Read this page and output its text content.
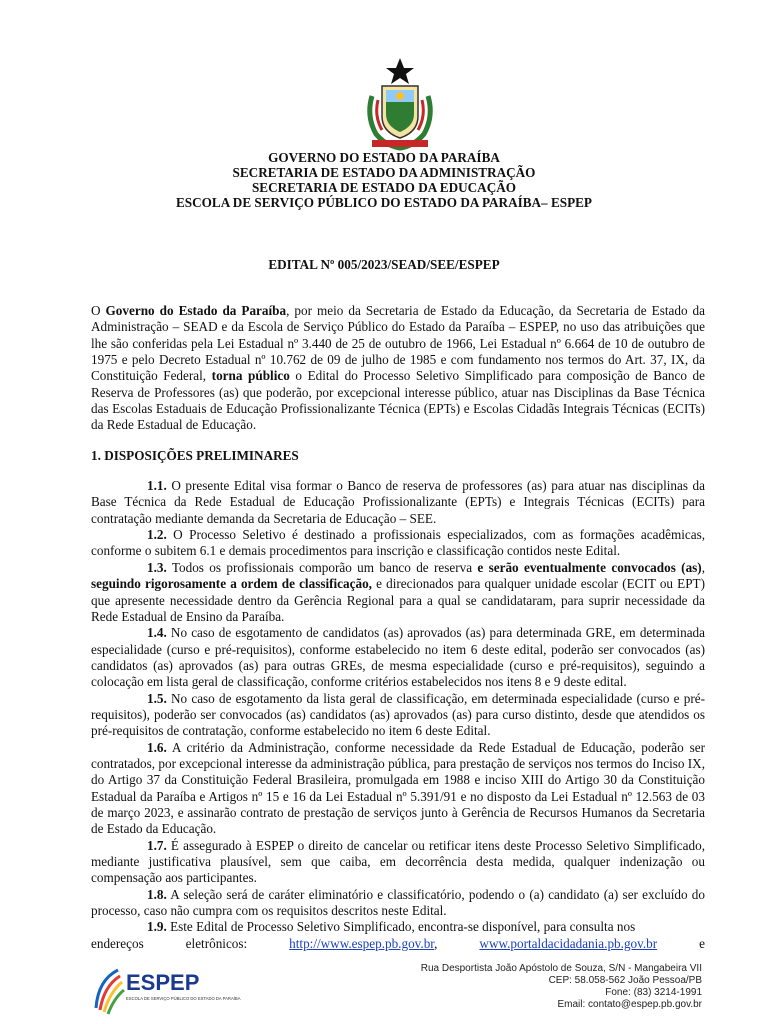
GOVERNO DO ESTADO DA PARAÍBA
SECRETARIA DE ESTADO DA ADMINISTRAÇÃO
SECRETARIA DE ESTADO DA EDUCAÇÃO
ESCOLA DE SERVIÇO PÚBLICO DO ESTADO DA PARAÍBA– ESPEP
EDITAL Nº 005/2023/SEAD/SEE/ESPEP

O Governo do Estado da Paraíba, por meio da Secretaria de Estado da Educação, da Secretaria de Estado da Administração – SEAD e da Escola de Serviço Público do Estado da Paraíba – ESPEP, no uso das atribuições que lhe são conferidas pela Lei Estadual nº 3.440 de 25 de outubro de 1966, Lei Estadual nº 6.664 de 10 de outubro de 1975 e pelo Decreto Estadual nº 10.762 de 09 de julho de 1985 e com fundamento nos termos do Art. 37, IX, da Constituição Federal, torna público o Edital do Processo Seletivo Simplificado para composição de Banco de Reserva de Professores (as) que poderão, por excepcional interesse público, atuar nas Disciplinas da Base Técnica das Escolas Estaduais de Educação Profissionalizante Técnica (EPTs) e Escolas Cidadãs Integrais Técnicas (ECITs) da Rede Estadual de Educação.

1. DISPOSIÇÕES PRELIMINARES

1.1. O presente Edital visa formar o Banco de reserva de professores (as) para atuar nas disciplinas da Base Técnica da Rede Estadual de Educação Profissionalizante (EPTs) e Integrais Técnicas (ECITs) para contratação mediante demanda da Secretaria de Educação – SEE.

1.2. O Processo Seletivo é destinado a profissionais especializados, com as formações acadêmicas, conforme o subitem 6.1 e demais procedimentos para inscrição e classificação contidos neste Edital.

1.3. Todos os profissionais comporão um banco de reserva e serão eventualmente convocados (as), seguindo rigorosamente a ordem de classificação, e direcionados para qualquer unidade escolar (ECIT ou EPT) que apresente necessidade dentro da Gerência Regional para a qual se candidataram, para suprir necessidade da Rede Estadual de Ensino da Paraíba.

1.4. No caso de esgotamento de candidatos (as) aprovados (as) para determinada GRE, em determinada especialidade (curso e pré-requisitos), conforme estabelecido no item 6 deste edital, poderão ser convocados (as) candidatos (as) aprovados (as) para outras GREs, de mesma especialidade (curso e pré-requisitos), seguindo a colocação em lista geral de classificação, conforme critérios estabelecidos nos itens 8 e 9 deste edital.

1.5. No caso de esgotamento da lista geral de classificação, em determinada especialidade (curso e pré-requisitos), poderão ser convocados (as) candidatos (as) aprovados (as) para curso distinto, desde que atendidos os pré-requisitos de contratação, conforme estabelecido no item 6 deste Edital.

1.6. A critério da Administração, conforme necessidade da Rede Estadual de Educação, poderão ser contratados, por excepcional interesse da administração pública, para prestação de serviços nos termos do Inciso IX, do Artigo 37 da Constituição Federal Brasileira, promulgada em 1988 e inciso XIII do Artigo 30 da Constituição Estadual da Paraíba e Artigos nº 15 e 16 da Lei Estadual nº 5.391/91 e no disposto da Lei Estadual nº 12.563 de 03 de março 2023, e assinarão contrato de prestação de serviços junto à Gerência de Recursos Humanos da Secretaria de Estado da Educação.

1.7. É assegurado à ESPEP o direito de cancelar ou retificar itens deste Processo Seletivo Simplificado, mediante justificativa plausível, sem que caiba, em decorrência desta medida, qualquer indenização ou compensação aos participantes.

1.8. A seleção será de caráter eliminatório e classificatório, podendo o (a) candidato (a) ser excluído do processo, caso não cumpra com os requisitos descritos neste Edital.

1.9. Este Edital de Processo Seletivo Simplificado, encontra-se disponível, para consulta nos

endereços	eletrônicos:	http://www.espep.pb.gov.br,	www.portaldacidadania.pb.gov.br	e
ESPEP
ESCOLA DE SERVIÇO PÚBLICO DO ESTADO DA PARAÍBA
Rua Desportista João Apóstolo de Souza, S/N - Mangabeira VII
CEP: 58.058-562 João Pessoa/PB
Fone: (83) 3214-1991
Email: contato@espep.pb.gov.br
